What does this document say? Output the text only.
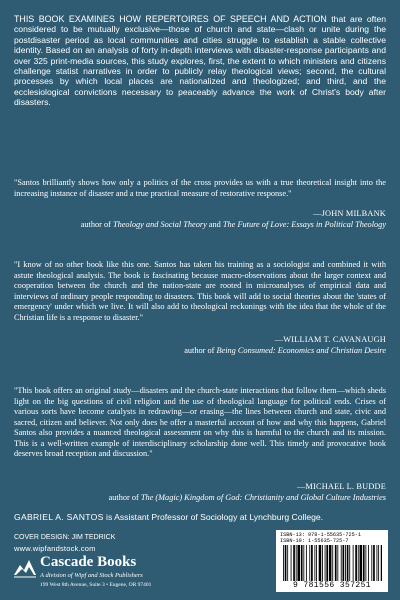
THIS BOOK EXAMINES HOW REPERTOIRES OF SPEECH AND ACTION that are often considered to be mutually exclusive—those of church and state—clash or unite during the postdisaster period as local communities and cities struggle to establish a stable collective identity. Based on an analysis of forty in-depth interviews with disaster-response participants and over 325 print-media sources, this study explores, first, the extent to which ministers and citizens challenge statist narratives in order to publicly relay theological views; second, the cultural processes by which local places are nationalized and theologized; and third, and the ecclesiological convictions necessary to peaceably advance the work of Christ's body after disasters.

"Santos brilliantly shows how only a politics of the cross provides us with a true theoretical insight into the increasing instance of disaster and a true practical measure of restorative response."

—JOHN MILBANK
author of Theology and Social Theory and The Future of Love: Essays in Political Theology

"I know of no other book like this one. Santos has taken his training as a sociologist and combined it with astute theological analysis. The book is fascinating because macro-observations about the larger context and cooperation between the church and the nation-state are rooted in microanalyses of empirical data and interviews of ordinary people responding to disasters. This book will add to social theories about the 'states of emergency' under which we live. It will also add to theological reckonings with the idea that the whole of the Christian life is a response to disaster."

—WILLIAM T. CAVANAUGH
author of Being Consumed: Economics and Christian Desire

"This book offers an original study—disasters and the church-state interactions that follow them—which sheds light on the big questions of civil religion and the use of theological language for political ends. Crises of various sorts have become catalysts in redrawing—or erasing—the lines between church and state, civic and sacred, citizen and believer. Not only does he offer a masterful account of how and why this happens, Gabriel Santos also provides a nuanced theological assessment on why this is harmful to the church and its mission. This is a well-written example of interdisciplinary scholarship done well. This timely and provocative book deserves broad reception and discussion."

—MICHAEL L. BUDDE
author of The (Magic) Kingdom of God: Christianity and Global Culture Industries
GABRIEL A. SANTOS is Assistant Professor of Sociology at Lynchburg College.
COVER DESIGN: JIM TEDRICK
www.wipfandstock.com
Cascade Books
A division of Wipf and Stock Publishers
199 West 8th Avenue, Suite 3 • Eugene, OR 97401
ISBN-13: 978-1-55635-725-1
ISBN-10: 1-55635-725-7
9 781556 357251
